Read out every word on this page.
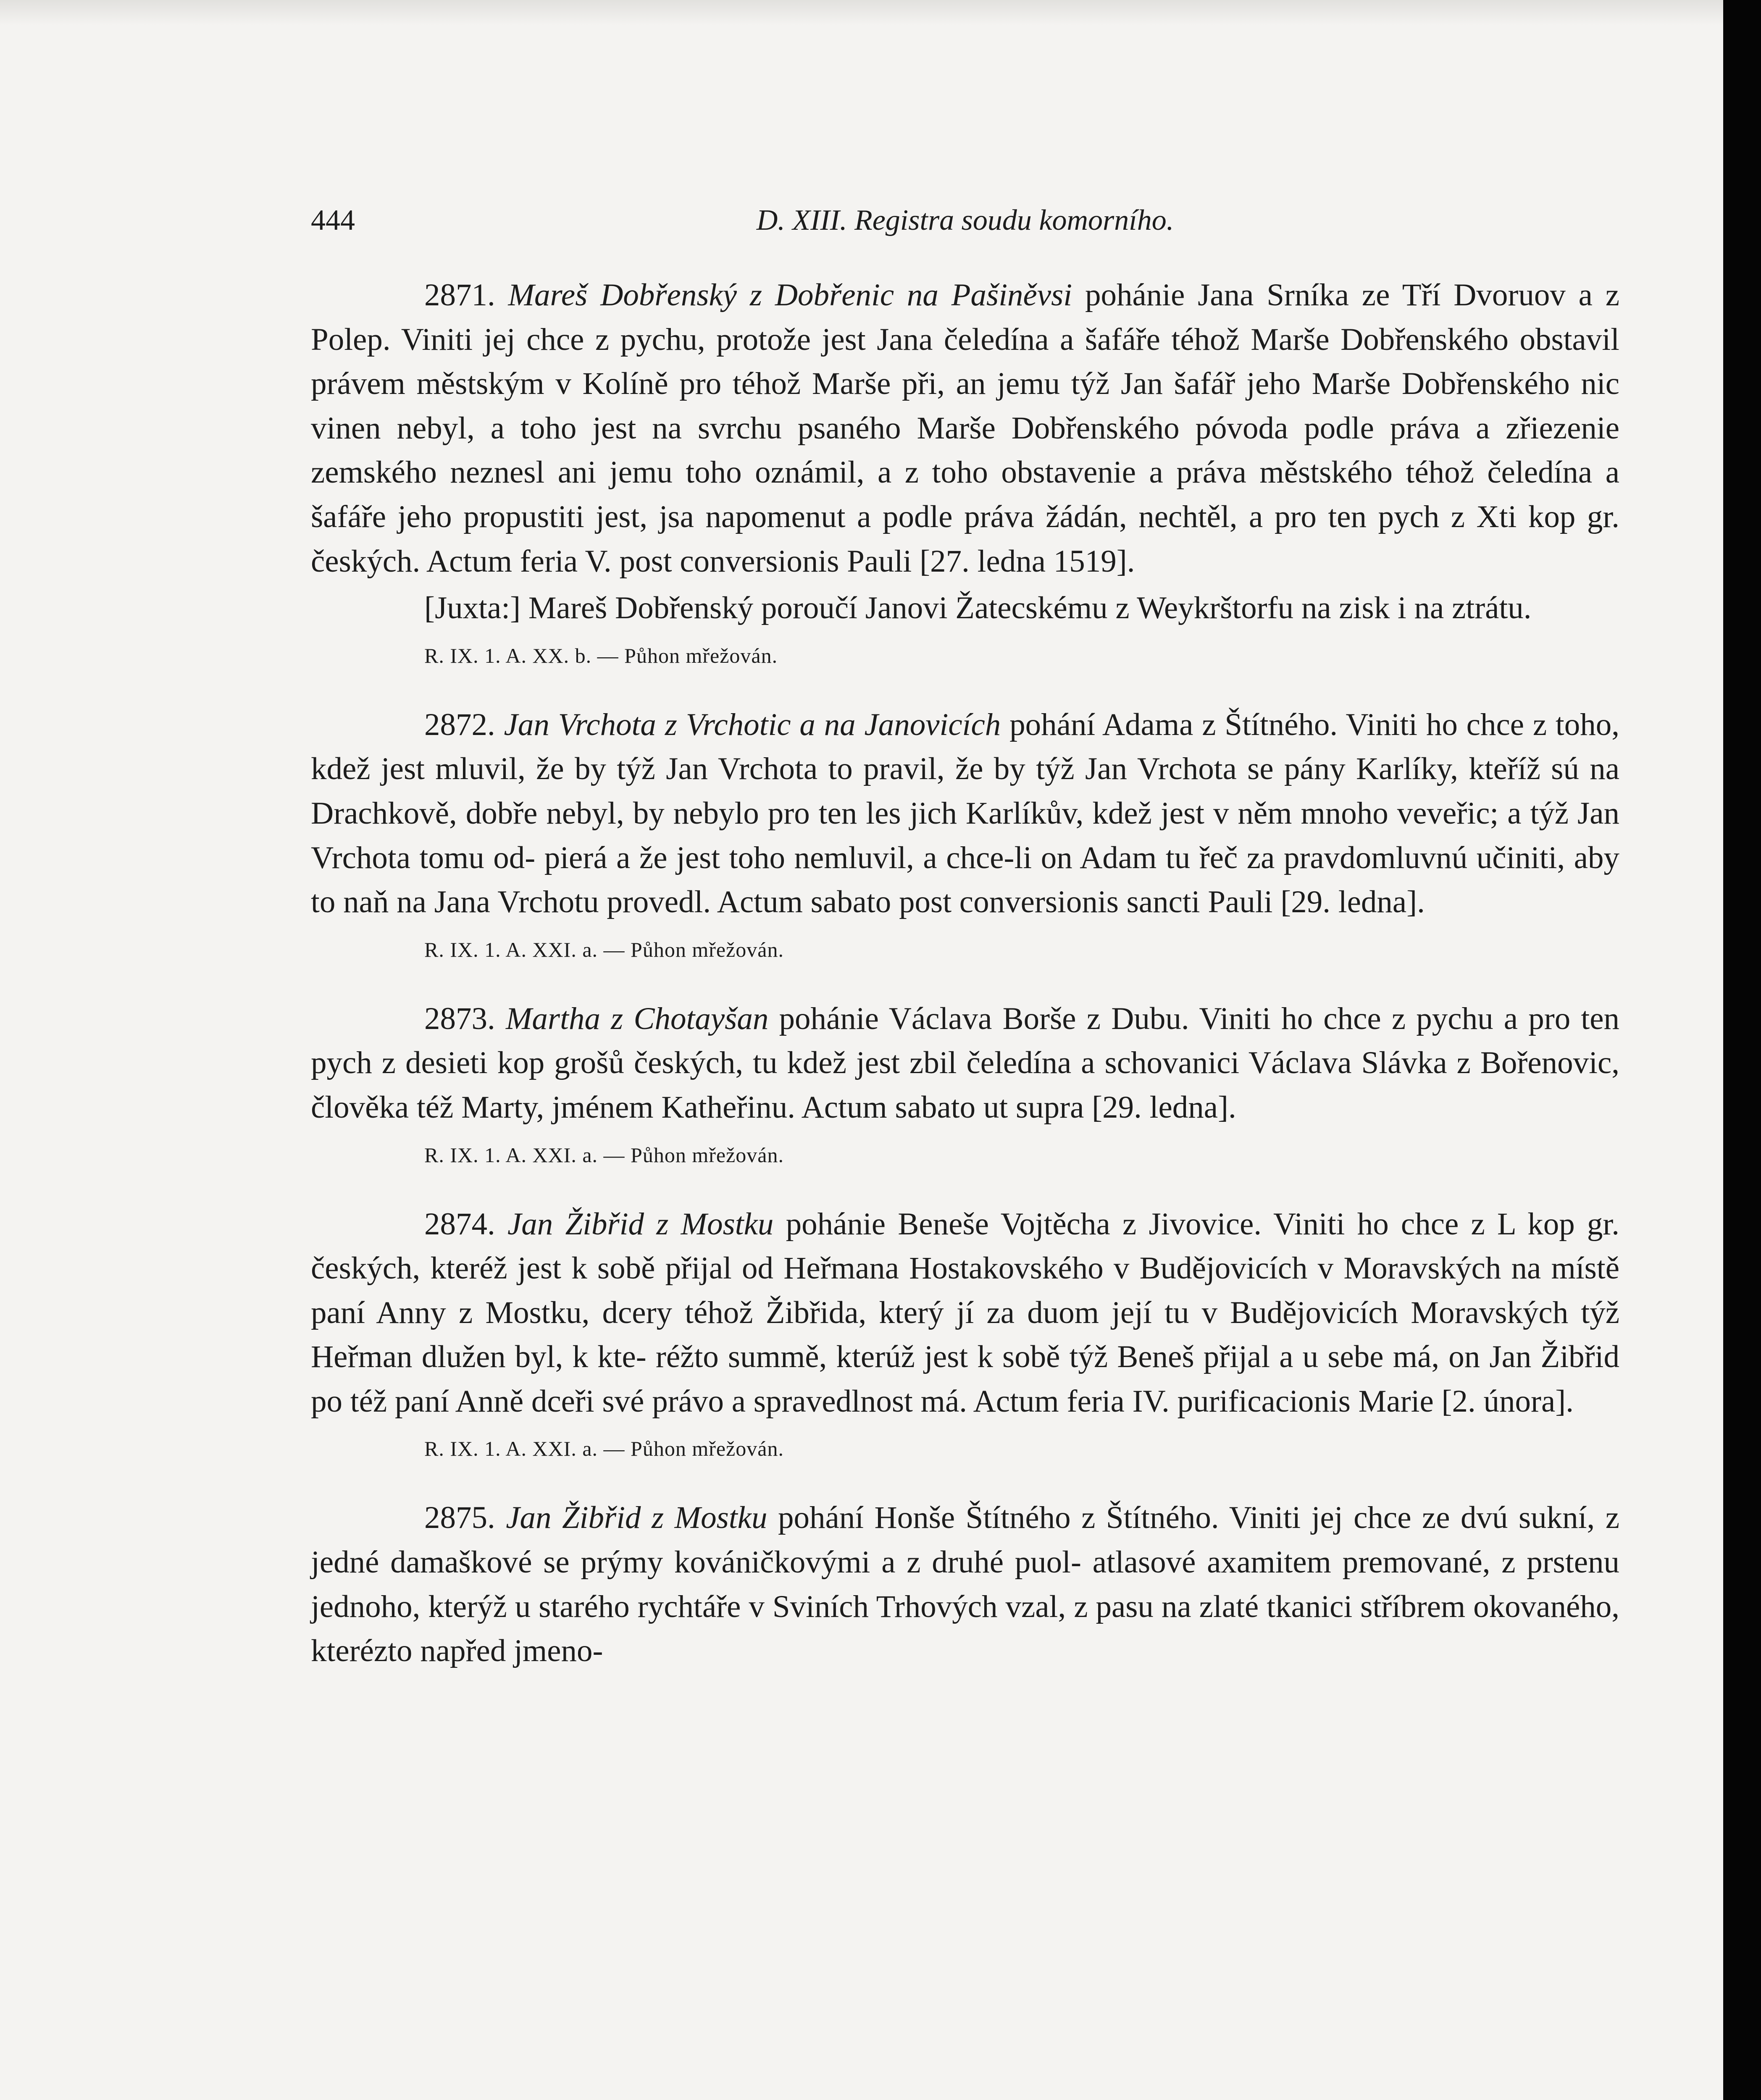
444	D. XIII. Registra soudu komorního.

2871. Mareš Dobřenský z Dobřenic na Pašiněvsi pohánie Jana Srníka ze Tří Dvoruov a z Polep. Viniti jej chce z pychu, protože jest Jana čeledína a šafáře téhož Marše Dobřenského obstavil právem městským v Kolíně pro téhož Marše při, an jemu týž Jan šafář jeho Marše Dobřenského nic vinen nebyl, a toho jest na svrchu psaného Marše Dobřenského póvoda podle práva a zřiezenie zemského neznesl ani jemu toho oznámil, a z toho obstavenie a práva městského téhož čeledína a šafáře jeho propustiti jest, jsa napomenut a podle práva žádán, nechtěl, a pro ten pych z Xti kop gr. českých. Actum feria V. post conversionis Pauli [27. ledna 1519].

[Juxta:] Mareš Dobřenský poroučí Janovi Žatecskému z Weykrštorfu na zisk i na ztrátu.

R. IX. 1. A. XX. b. — Půhon mřežován.

2872. Jan Vrchota z Vrchotic a na Janovicích pohání Adama z Štítného. Viniti ho chce z toho, kdež jest mluvil, že by týž Jan Vrchota to pravil, že by týž Jan Vrchota se pány Karlíky, kteříž sú na Drachkově, dobře nebyl, by nebylo pro ten les jich Karlíkův, kdež jest v něm mnoho veveřic; a týž Jan Vrchota tomu od- pierá a že jest toho nemluvil, a chce-li on Adam tu řeč za pravdomluvnú učiniti, aby to naň na Jana Vrchotu provedl. Actum sabato post conversionis sancti Pauli [29. ledna].

R. IX. 1. A. XXI. a. — Půhon mřežován.

2873. Martha z Chotayšan pohánie Václava Borše z Dubu. Viniti ho chce z pychu a pro ten pych z desieti kop grošů českých, tu kdež jest zbil čeledína a schovanici Václava Slávka z Bořenovic, člověka též Marty, jménem Katheřinu. Actum sabato ut supra [29. ledna].

R. IX. 1. A. XXI. a. — Půhon mřežován.

2874. Jan Žibřid z Mostku pohánie Beneše Vojtěcha z Jivovice. Viniti ho chce z L kop gr. českých, kteréž jest k sobě přijal od Heřmana Hostakovského v Budějovicích v Moravských na místě paní Anny z Mostku, dcery téhož Žibřida, který jí za duom její tu v Budějovicích Moravských týž Heřman dlužen byl, k kte- réžto summě, kterúž jest k sobě týž Beneš přijal a u sebe má, on Jan Žibřid po též paní Anně dceři své právo a spravedlnost má. Actum feria IV. purificacionis Marie [2. února].

R. IX. 1. A. XXI. a. — Půhon mřežován.

2875. Jan Žibřid z Mostku pohání Honše Štítného z Štítného. Viniti jej chce ze dvú sukní, z jedné damaškové se prýmy kováničkovými a z druhé puol- atlasové axamitem premované, z prstenu jednoho, kterýž u starého rychtáře v Sviních Trhových vzal, z pasu na zlaté tkanici stříbrem okovaného, kterézto napřed jmeno-
